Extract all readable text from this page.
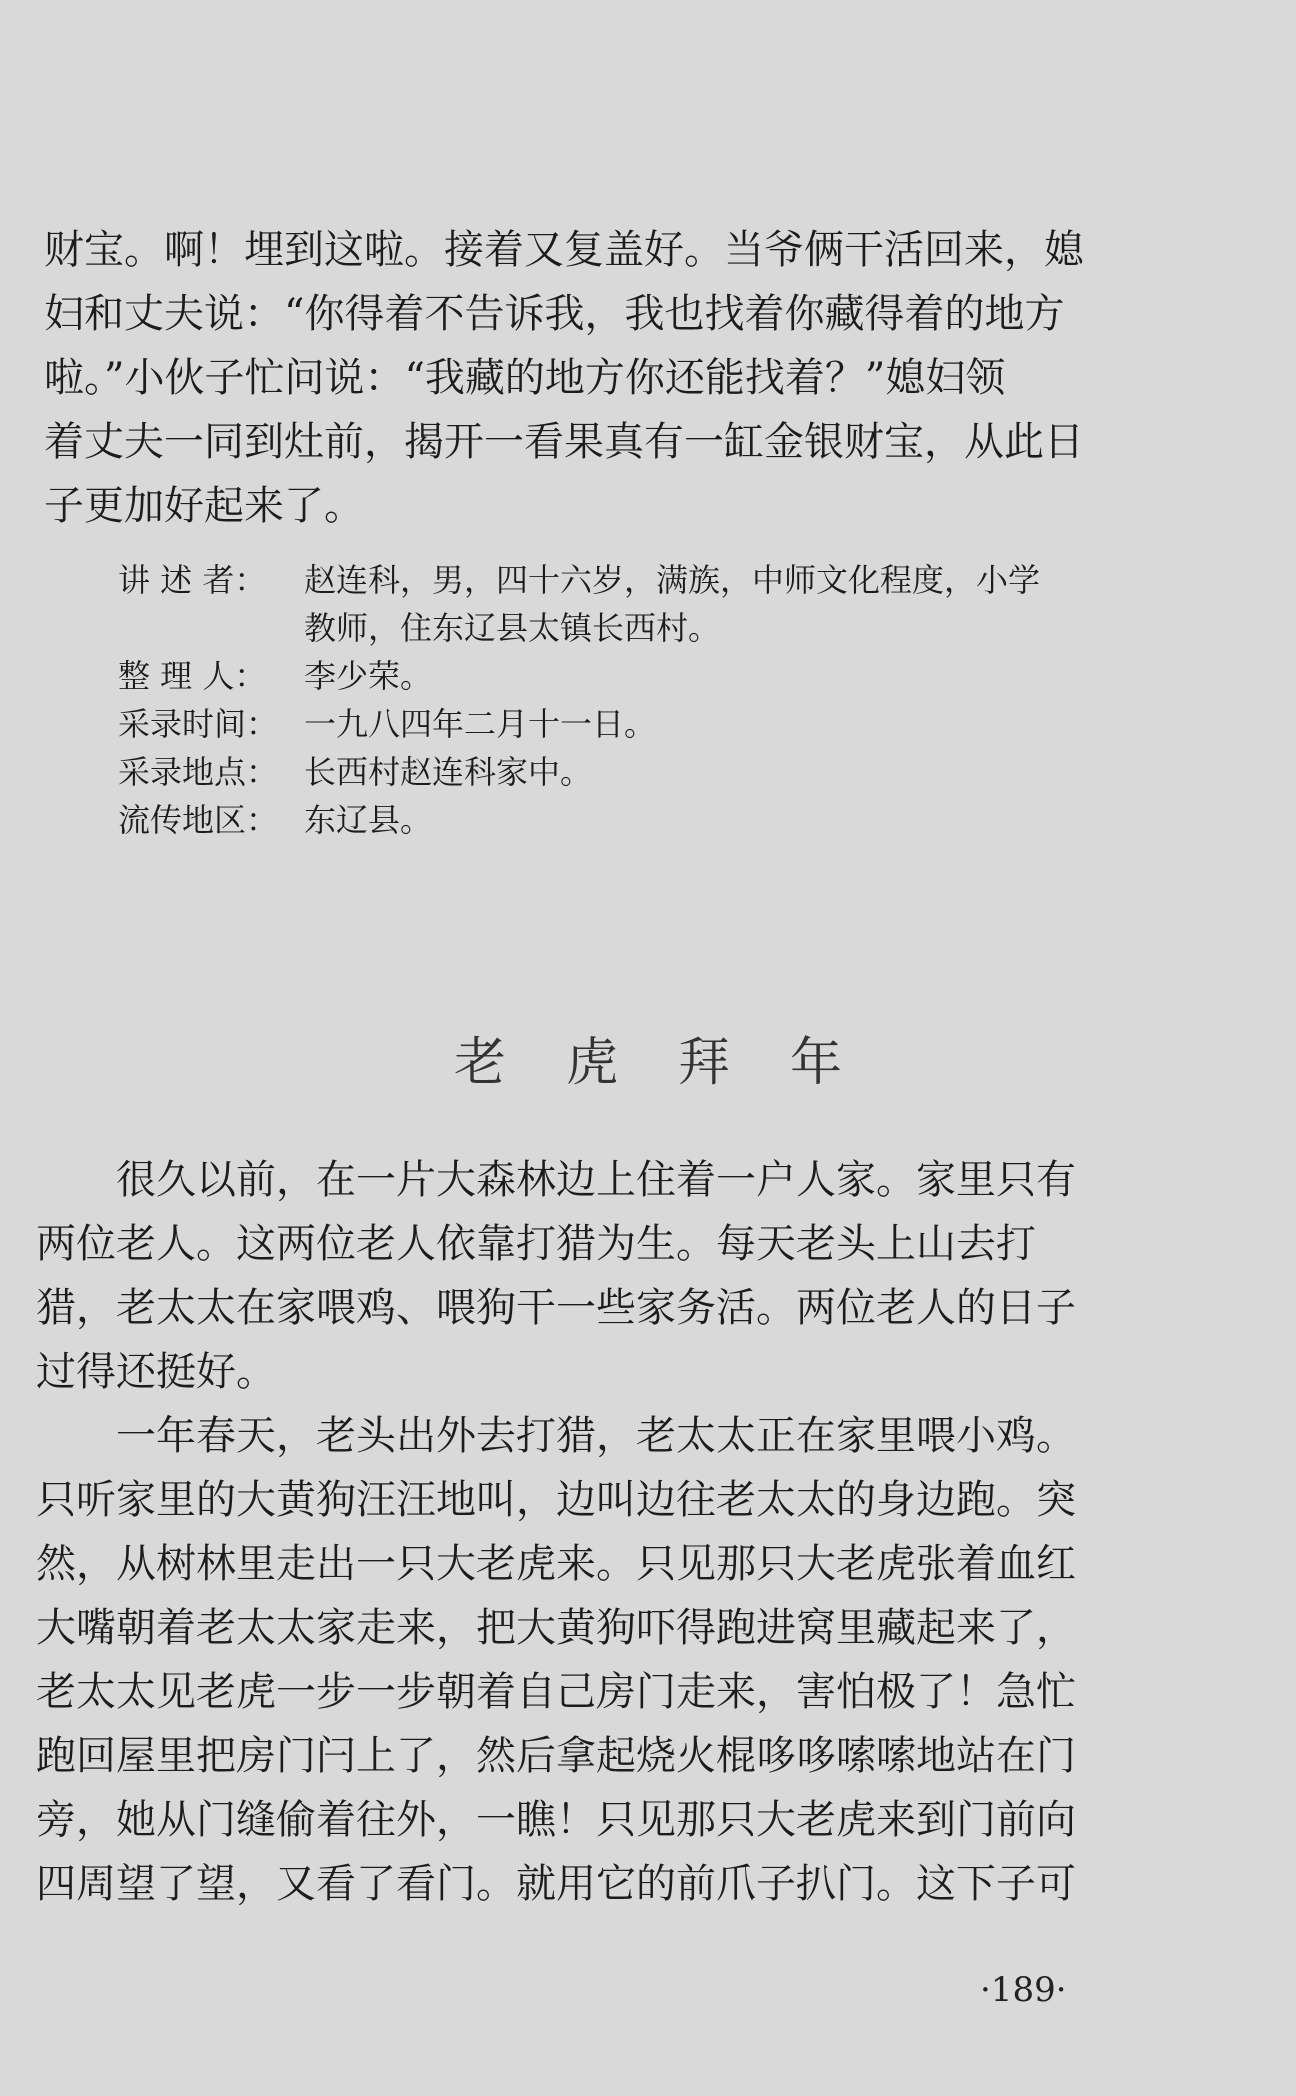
财宝。啊！埋到这啦。接着又复盖好。当爷俩干活回来，媳
妇和丈夫说：“你得着不告诉我，我也找着你藏得着的地方
啦。”小伙子忙问说：“我藏的地方你还能找着？”媳妇领
着丈夫一同到灶前，揭开一看果真有一缸金银财宝，从此日
子更加好起来了。

讲 述 者：	赵连科，男，四十六岁，满族，中师文化程度，小学
教师，住东辽县太镇长西村。
整 理 人：	李少荣。
采录时间： 一九八四年二月十一日。
采录地点： 长西村赵连科家中。
流传地区： 东辽县。
老虎拜年

很久以前，在一片大森林边上住着一户人家。家里只有
两位老人。这两位老人依靠打猎为生。每天老头上山去打
猎，老太太在家喂鸡、喂狗干一些家务活。两位老人的日子
过得还挺好。

一年春天，老头出外去打猎，老太太正在家里喂小鸡。
只听家里的大黄狗汪汪地叫，边叫边往老太太的身边跑。突
然，从树林里走出一只大老虎来。只见那只大老虎张着血红
大嘴朝着老太太家走来，把大黄狗吓得跑进窝里藏起来了，
老太太见老虎一步一步朝着自己房门走来，害怕极了！急忙
跑回屋里把房门闩上了，然后拿起烧火棍哆哆嗦嗦地站在门
旁，她从门缝偷着往外，一瞧！只见那只大老虎来到门前向
四周望了望，又看了看门。就用它的前爪子扒门。这下子可

·189·
